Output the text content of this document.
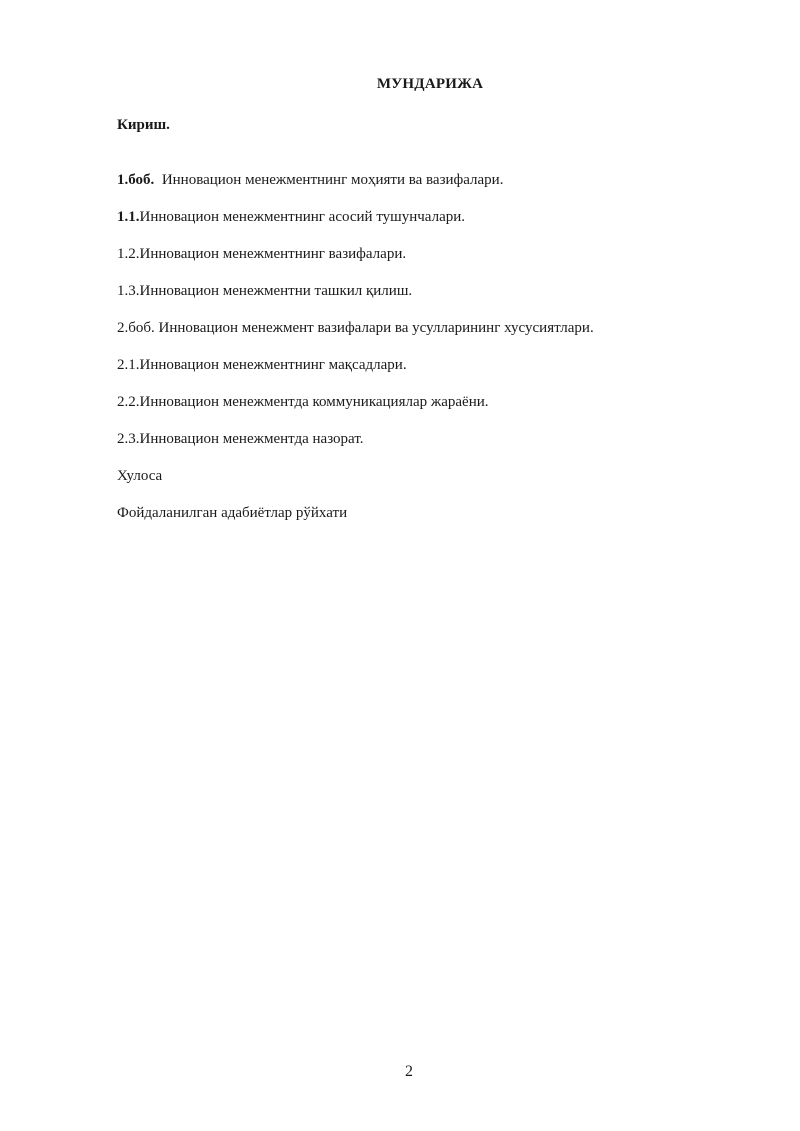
МУНДАРИЖА
Кириш.
1.боб.  Инновацион менежментнинг моҳияти ва вазифалари.
1.1.Инновацион менежментнинг асосий тушунчалари.
1.2.Инновацион менежментнинг вазифалари.
1.3.Инновацион менежментни ташкил қилиш.
2.боб. Инновацион менежмент вазифалари ва усулларининг хусусиятлари.
2.1.Инновацион менежментнинг мақсадлари.
2.2.Инновацион менежментда коммуникациялар жараёни.
2.3.Инновацион менежментда назорат.
Хулоса
Фойдаланилган адабиётлар рўйхати
2
